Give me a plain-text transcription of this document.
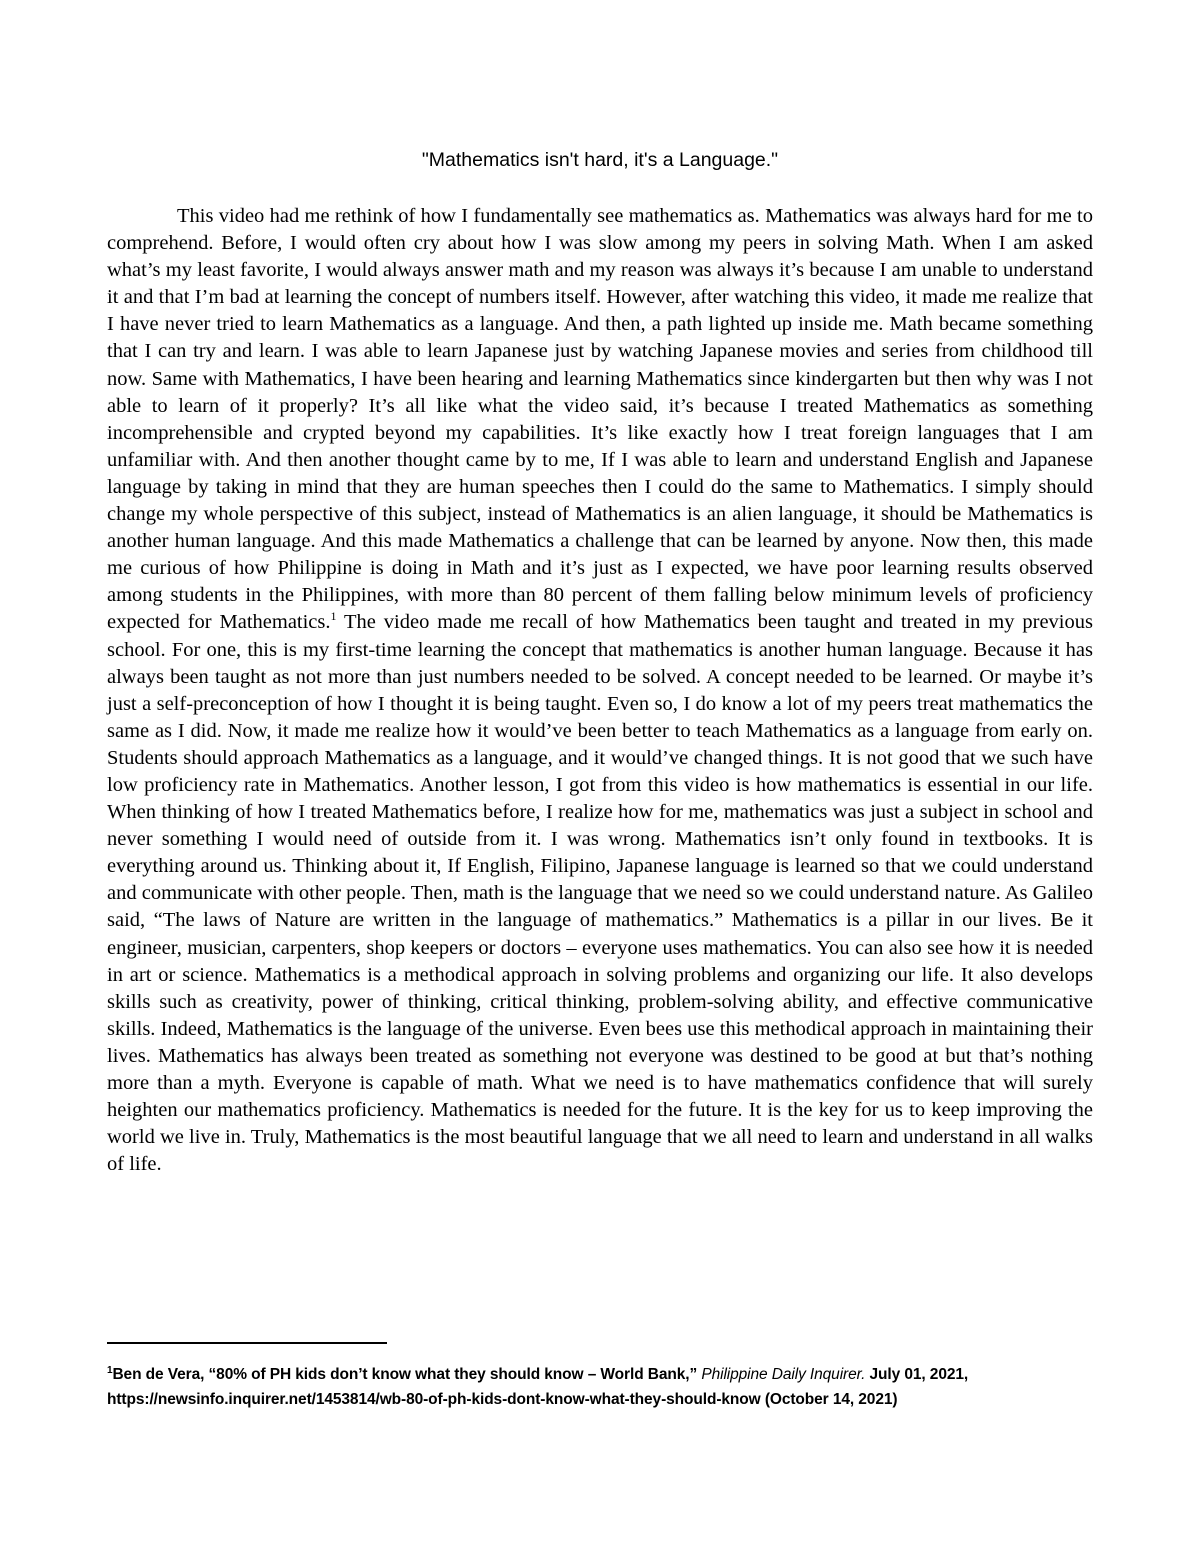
"Mathematics isn't hard, it's a Language."

This video had me rethink of how I fundamentally see mathematics as. Mathematics was always hard for me to comprehend. Before, I would often cry about how I was slow among my peers in solving Math. When I am asked what’s my least favorite, I would always answer math and my reason was always it’s because I am unable to understand it and that I’m bad at learning the concept of numbers itself. However, after watching this video, it made me realize that I have never tried to learn Mathematics as a language. And then, a path lighted up inside me. Math became something that I can try and learn. I was able to learn Japanese just by watching Japanese movies and series from childhood till now. Same with Mathematics, I have been hearing and learning Mathematics since kindergarten but then why was I not able to learn of it properly? It’s all like what the video said, it’s because I treated Mathematics as something incomprehensible and crypted beyond my capabilities. It’s like exactly how I treat foreign languages that I am unfamiliar with. And then another thought came by to me, If I was able to learn and understand English and Japanese language by taking in mind that they are human speeches then I could do the same to Mathematics. I simply should change my whole perspective of this subject, instead of Mathematics is an alien language, it should be Mathematics is another human language. And this made Mathematics a challenge that can be learned by anyone. Now then, this made me curious of how Philippine is doing in Math and it’s just as I expected, we have poor learning results observed among students in the Philippines, with more than 80 percent of them falling below minimum levels of proficiency expected for Mathematics.$^1$ The video made me recall of how Mathematics been taught and treated in my previous school. For one, this is my first-time learning the concept that mathematics is another human language. Because it has always been taught as not more than just numbers needed to be solved. A concept needed to be learned. Or maybe it’s just a self-preconception of how I thought it is being taught. Even so, I do know a lot of my peers treat mathematics the same as I did. Now, it made me realize how it would’ve been better to teach Mathematics as a language from early on. Students should approach Mathematics as a language, and it would’ve changed things. It is not good that we such have low proficiency rate in Mathematics. Another lesson, I got from this video is how mathematics is essential in our life. When thinking of how I treated Mathematics before, I realize how for me, mathematics was just a subject in school and never something I would need of outside from it. I was wrong. Mathematics isn’t only found in textbooks. It is everything around us. Thinking about it, If English, Filipino, Japanese language is learned so that we could understand and communicate with other people. Then, math is the language that we need so we could understand nature. As Galileo said, “The laws of Nature are written in the language of mathematics.” Mathematics is a pillar in our lives. Be it engineer, musician, carpenters, shop keepers or doctors – everyone uses mathematics. You can also see how it is needed in art or science. Mathematics is a methodical approach in solving problems and organizing our life. It also develops skills such as creativity, power of thinking, critical thinking, problem-solving ability, and effective communicative skills. Indeed, Mathematics is the language of the universe. Even bees use this methodical approach in maintaining their lives. Mathematics has always been treated as something not everyone was destined to be good at but that’s nothing more than a myth. Everyone is capable of math. What we need is to have mathematics confidence that will surely heighten our mathematics proficiency. Mathematics is needed for the future. It is the key for us to keep improving the world we live in. Truly, Mathematics is the most beautiful language that we all need to learn and understand in all walks of life.

$^1$Ben de Vera, “80% of PH kids don’t know what they should know – World Bank,” Philippine Daily Inquirer. July 01, 2021, https://newsinfo.inquirer.net/1453814/wb-80-of-ph-kids-dont-know-what-they-should-know (October 14, 2021)
